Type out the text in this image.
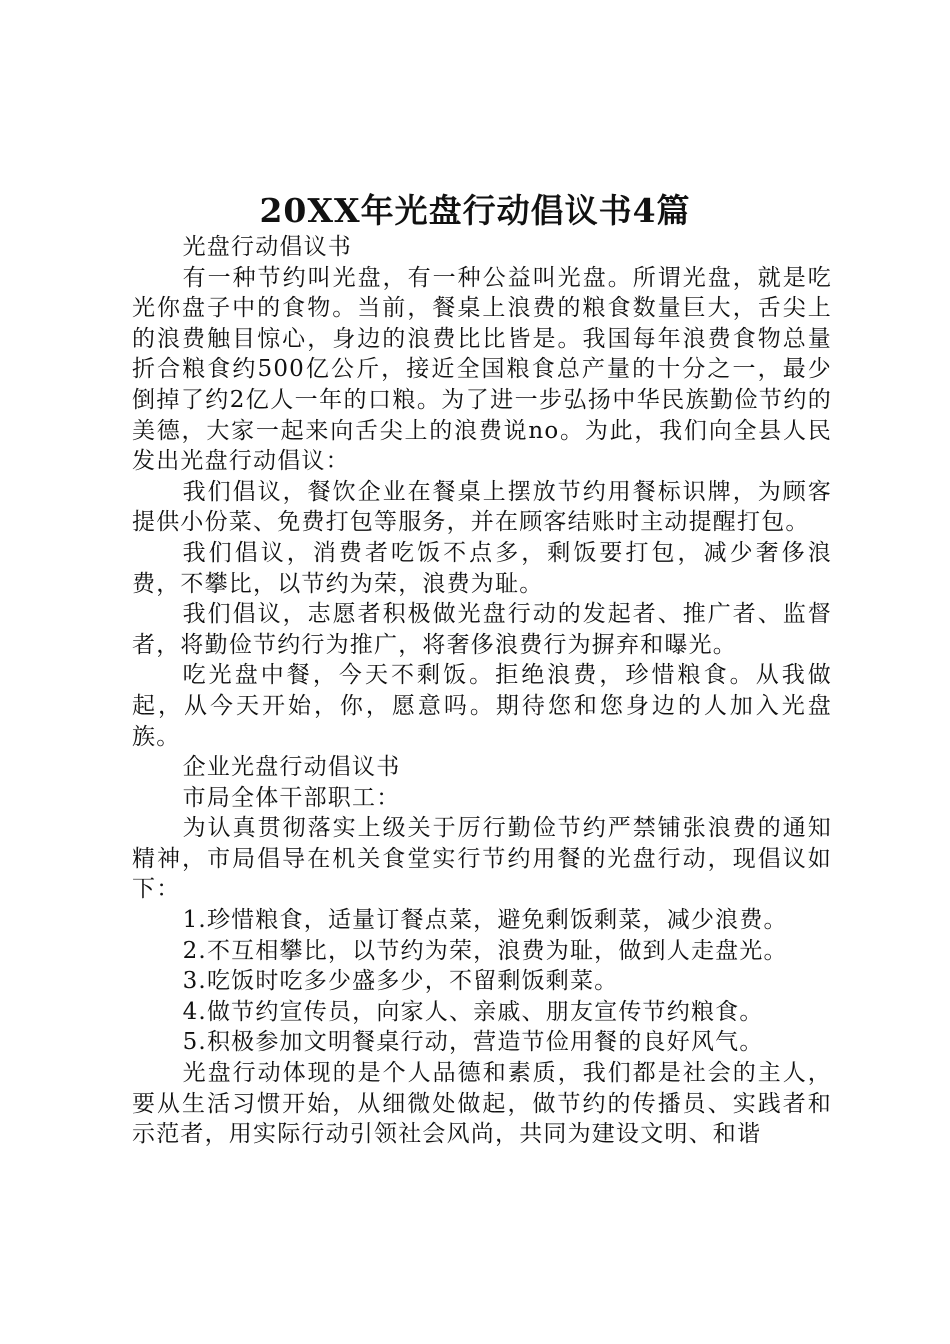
20XX年光盘行动倡议书4篇

光盘行动倡议书

有一种节约叫光盘，有一种公益叫光盘。所谓光盘，就是吃光你盘子中的食物。当前，餐桌上浪费的粮食数量巨大，舌尖上的浪费触目惊心，身边的浪费比比皆是。我国每年浪费食物总量折合粮食约500亿公斤，接近全国粮食总产量的十分之一，最少倒掉了约2亿人一年的口粮。为了进一步弘扬中华民族勤俭节约的美德，大家一起来向舌尖上的浪费说no。为此，我们向全县人民发出光盘行动倡议：

我们倡议，餐饮企业在餐桌上摆放节约用餐标识牌，为顾客提供小份菜、免费打包等服务，并在顾客结账时主动提醒打包。

我们倡议，消费者吃饭不点多，剩饭要打包，减少奢侈浪费，不攀比，以节约为荣，浪费为耻。

我们倡议，志愿者积极做光盘行动的发起者、推广者、监督者，将勤俭节约行为推广，将奢侈浪费行为摒弃和曝光。

吃光盘中餐，今天不剩饭。拒绝浪费，珍惜粮食。从我做起，从今天开始，你，愿意吗。期待您和您身边的人加入光盘族。

企业光盘行动倡议书

市局全体干部职工：

为认真贯彻落实上级关于厉行勤俭节约严禁铺张浪费的通知精神，市局倡导在机关食堂实行节约用餐的光盘行动，现倡议如下：

1.珍惜粮食，适量订餐点菜，避免剩饭剩菜，减少浪费。

2.不互相攀比，以节约为荣，浪费为耻，做到人走盘光。

3.吃饭时吃多少盛多少，不留剩饭剩菜。

4.做节约宣传员，向家人、亲戚、朋友宣传节约粮食。

5.积极参加文明餐桌行动，营造节俭用餐的良好风气。

光盘行动体现的是个人品德和素质，我们都是社会的主人，要从生活习惯开始，从细微处做起，做节约的传播员、实践者和示范者，用实际行动引领社会风尚，共同为建设文明、和谐
